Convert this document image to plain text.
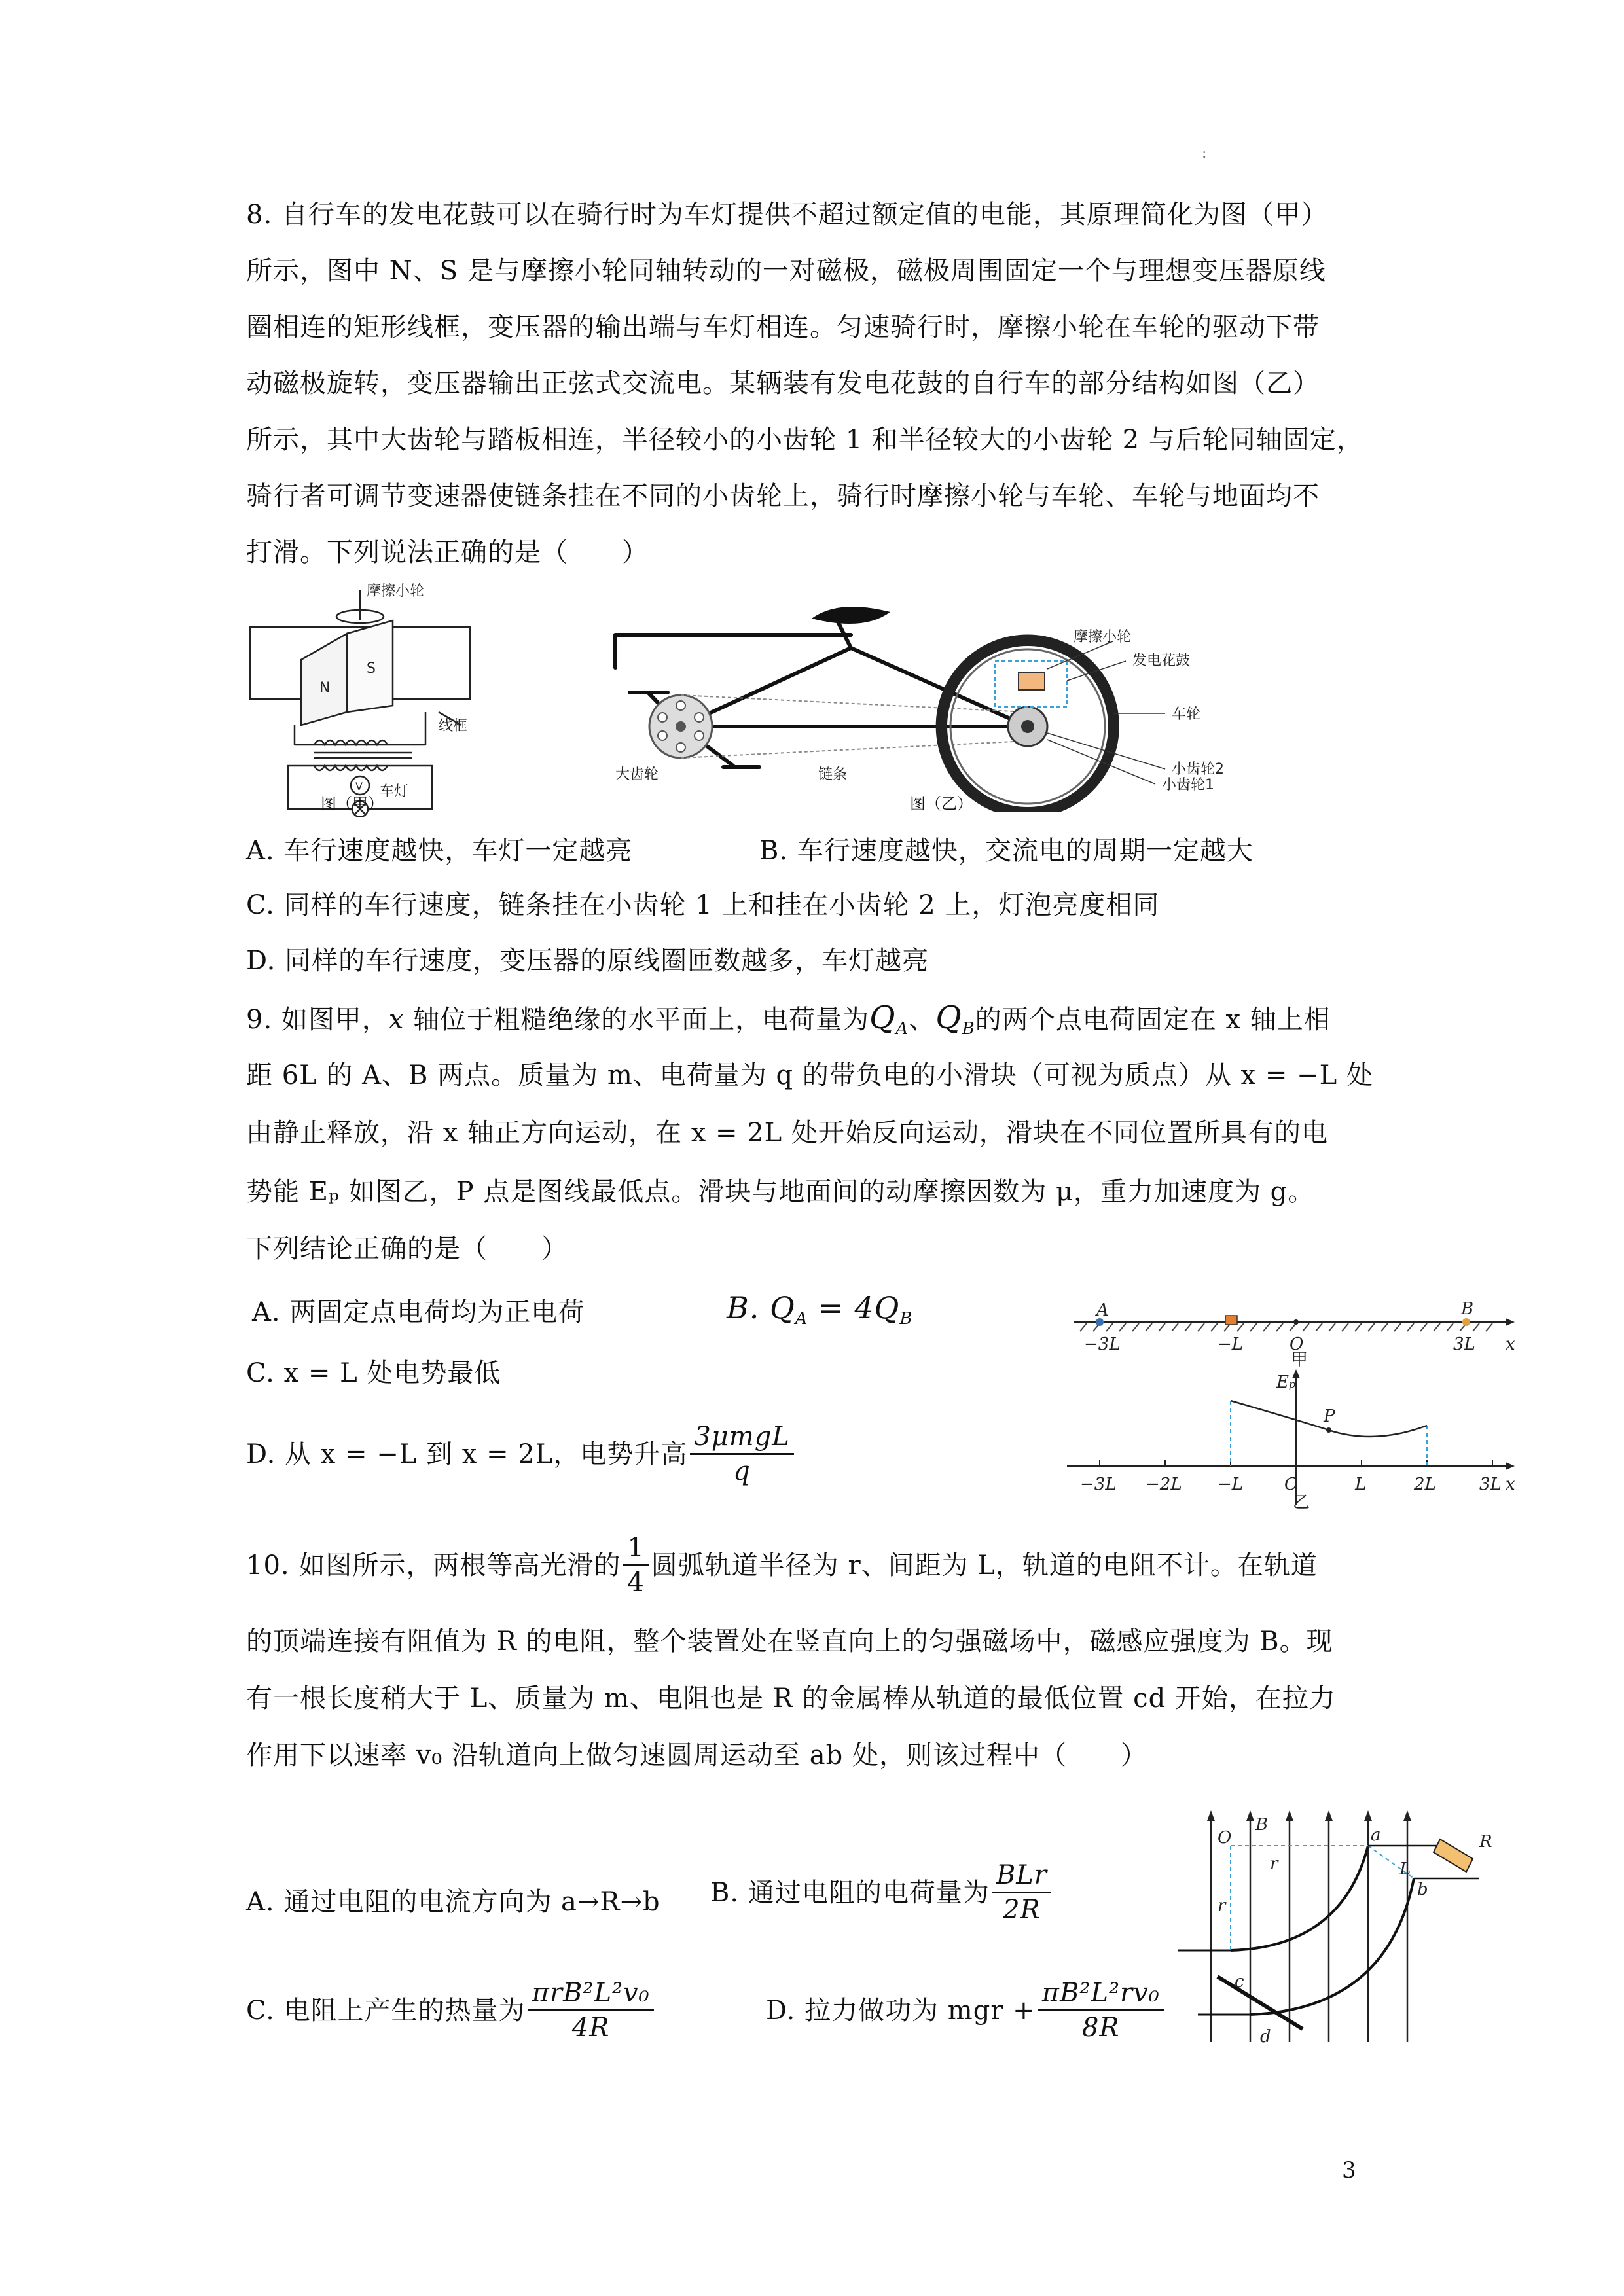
:
8. 自行车的发电花鼓可以在骑行时为车灯提供不超过额定值的电能，其原理简化为图（甲）
所示，图中 N、S 是与摩擦小轮同轴转动的一对磁极，磁极周围固定一个与理想变压器原线
圈相连的矩形线框，变压器的输出端与车灯相连。匀速骑行时，摩擦小轮在车轮的驱动下带
动磁极旋转，变压器输出正弦式交流电。某辆装有发电花鼓的自行车的部分结构如图（乙）
所示，其中大齿轮与踏板相连，半径较小的小齿轮 1 和半径较大的小齿轮 2 与后轮同轴固定，
骑行者可调节变速器使链条挂在不同的小齿轮上，骑行时摩擦小轮与车轮、车轮与地面均不
打滑。下列说法正确的是（　　）
摩擦小轮
N
S
线框
V 车灯
图（甲）
摩擦小轮
发电花鼓
车轮
小齿轮2
小齿轮1
大齿轮	链条
图（乙）
A. 车行速度越快，车灯一定越亮	B. 车行速度越快，交流电的周期一定越大
C. 同样的车行速度，链条挂在小齿轮 1 上和挂在小齿轮 2 上，灯泡亮度相同
D. 同样的车行速度，变压器的原线圈匝数越多，车灯越亮
9. 如图甲，x 轴位于粗糙绝缘的水平面上，电荷量为$Q_A$、$Q_B$的两个点电荷固定在 x 轴上相
距 6L 的 A、B 两点。质量为 m、电荷量为 q 的带负电的小滑块（可视为质点）从 x = −L 处
由静止释放，沿 x 轴正方向运动，在 x = 2L 处开始反向运动，滑块在不同位置所具有的电
势能 Eₚ 如图乙，P 点是图线最低点。滑块与地面间的动摩擦因数为 μ，重力加速度为 g。
下列结论正确的是（　　）
A. 两固定点电荷均为正电荷	B. $Q_A = 4Q_B$
C. x = L 处电势最低
D. 从 x = −L 到 x = 2L，电势升高 $\frac{\text{3μmgL}}{q}$
A	B
−3L	−L	O	3L x
甲
Eₚ
P
−3L −2L −L O	L	2L	3L x
乙
10. 如图所示，两根等高光滑的 $\frac{1}{4}$ 圆弧轨道半径为 r、间距为 L，轨道的电阻不计。在轨道
的顶端连接有阻值为 R 的电阻，整个装置处在竖直向上的匀强磁场中，磁感应强度为 B。现
有一根长度稍大于 L、质量为 m、电阻也是 R 的金属棒从轨道的最低位置 cd 开始，在拉力
作用下以速率 v₀ 沿轨道向上做匀速圆周运动至 ab 处，则该过程中（　　）
A. 通过电阻的电流方向为 a→R→b B. 通过电阻的电荷量为 $\frac{\text{BLr}}{2R}$
C. 电阻上产生的热量为 $\frac{\text{πrB²L²v₀}}{4R}$	D. 拉力做功为 mgr + $\frac{\text{πB²L²rv₀}}{8R}$
O
B
a
b
c
d
r
r
L
R
3
